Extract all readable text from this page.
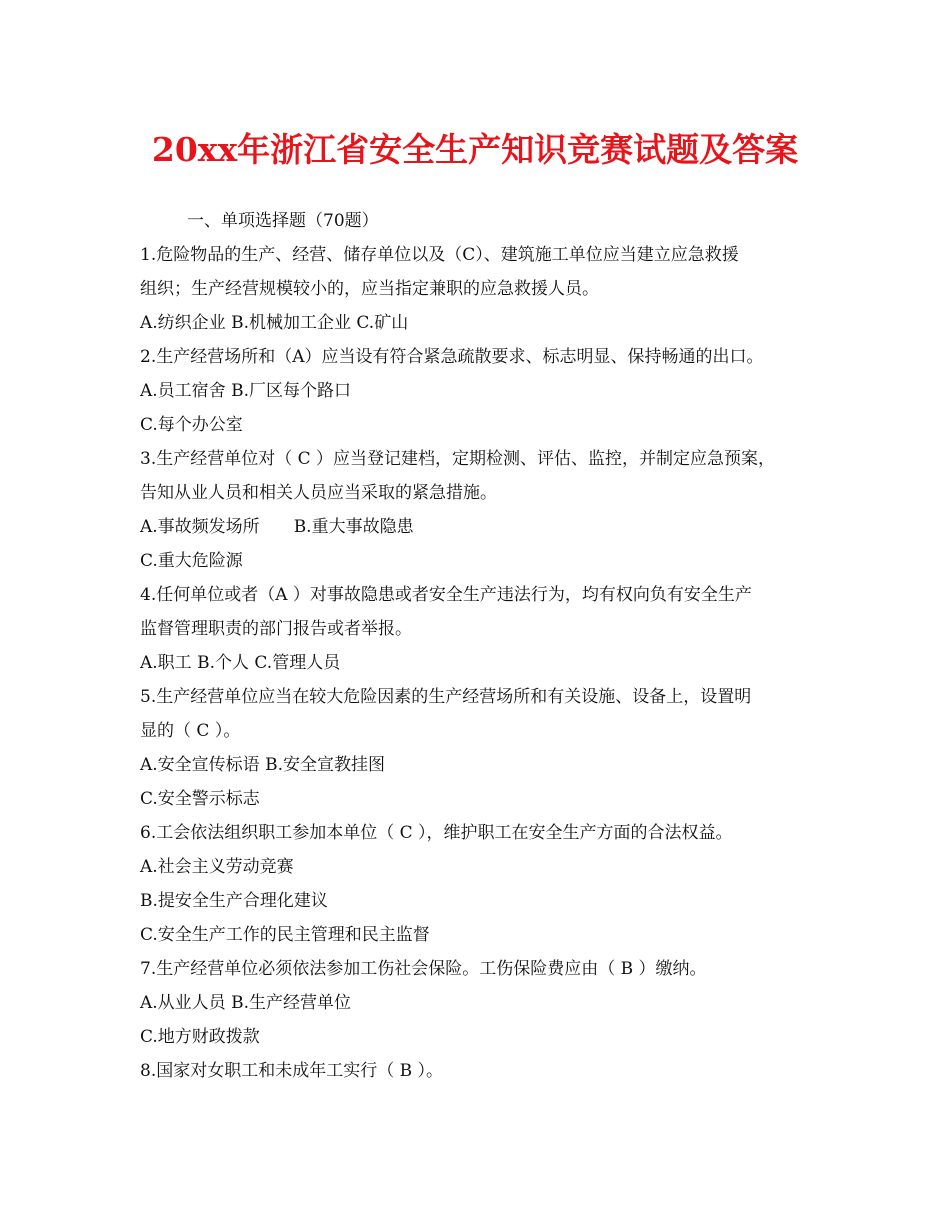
20xx年浙江省安全生产知识竞赛试题及答案

一、单项选择题（70题）

1.危险物品的生产、经营、储存单位以及（C）、建筑施工单位应当建立应急救援

组织；生产经营规模较小的，应当指定兼职的应急救援人员。

A.纺织企业 B.机械加工企业 C.矿山

2.生产经营场所和（A）应当设有符合紧急疏散要求、标志明显、保持畅通的出口。

A.员工宿舍 B.厂区每个路口

C.每个办公室

3.生产经营单位对（ C ）应当登记建档，定期检测、评估、监控，并制定应急预案，

告知从业人员和相关人员应当采取的紧急措施。

A.事故频发场所 B.重大事故隐患

C.重大危险源

4.任何单位或者（A ）对事故隐患或者安全生产违法行为，均有权向负有安全生产

监督管理职责的部门报告或者举报。

A.职工 B.个人 C.管理人员

5.生产经营单位应当在较大危险因素的生产经营场所和有关设施、设备上，设置明

显的（ C ）。

A.安全宣传标语 B.安全宣教挂图

C.安全警示标志

6.工会依法组织职工参加本单位（ C ），维护职工在安全生产方面的合法权益。

A.社会主义劳动竞赛

B.提安全生产合理化建议

C.安全生产工作的民主管理和民主监督

7.生产经营单位必须依法参加工伤社会保险。工伤保险费应由（ B ）缴纳。

A.从业人员 B.生产经营单位

C.地方财政拨款

8.国家对女职工和未成年工实行（ B ）。
